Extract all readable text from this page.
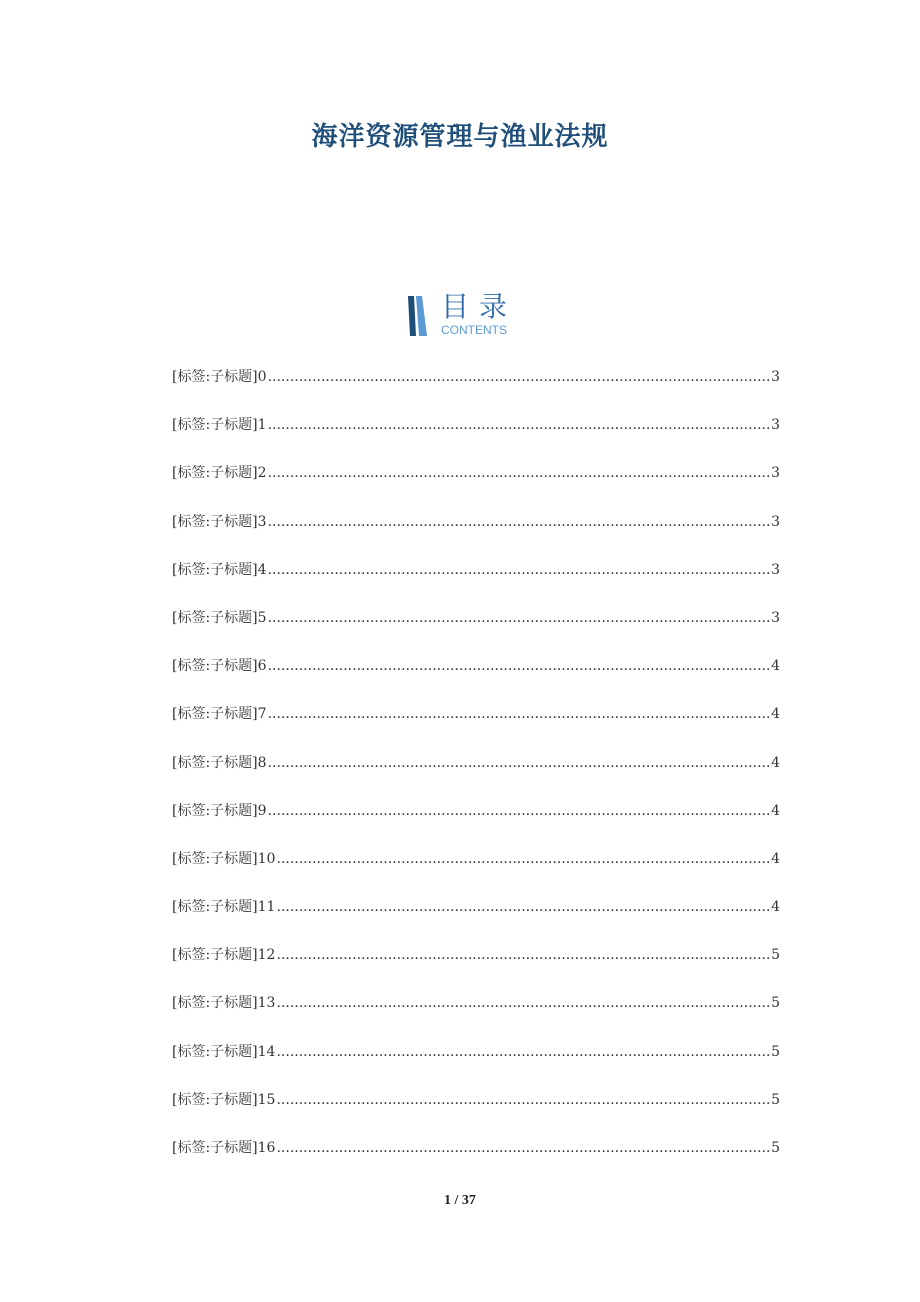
海洋资源管理与渔业法规
目录
CONTENTS
[标签:子标题]0 .....	3
[标签:子标题]1 .....	3
[标签:子标题]2 .....	3
[标签:子标题]3 .....	3
[标签:子标题]4 .....	3
[标签:子标题]5 .....	3
[标签:子标题]6 .....	4
[标签:子标题]7 .....	4
[标签:子标题]8 .....	4
[标签:子标题]9 .....	4
[标签:子标题]10 .....	4
[标签:子标题]11 .....	4
[标签:子标题]12 .....	5
[标签:子标题]13 .....	5
[标签:子标题]14 .....	5
[标签:子标题]15 .....	5
[标签:子标题]16 .....	5
1 / 37
